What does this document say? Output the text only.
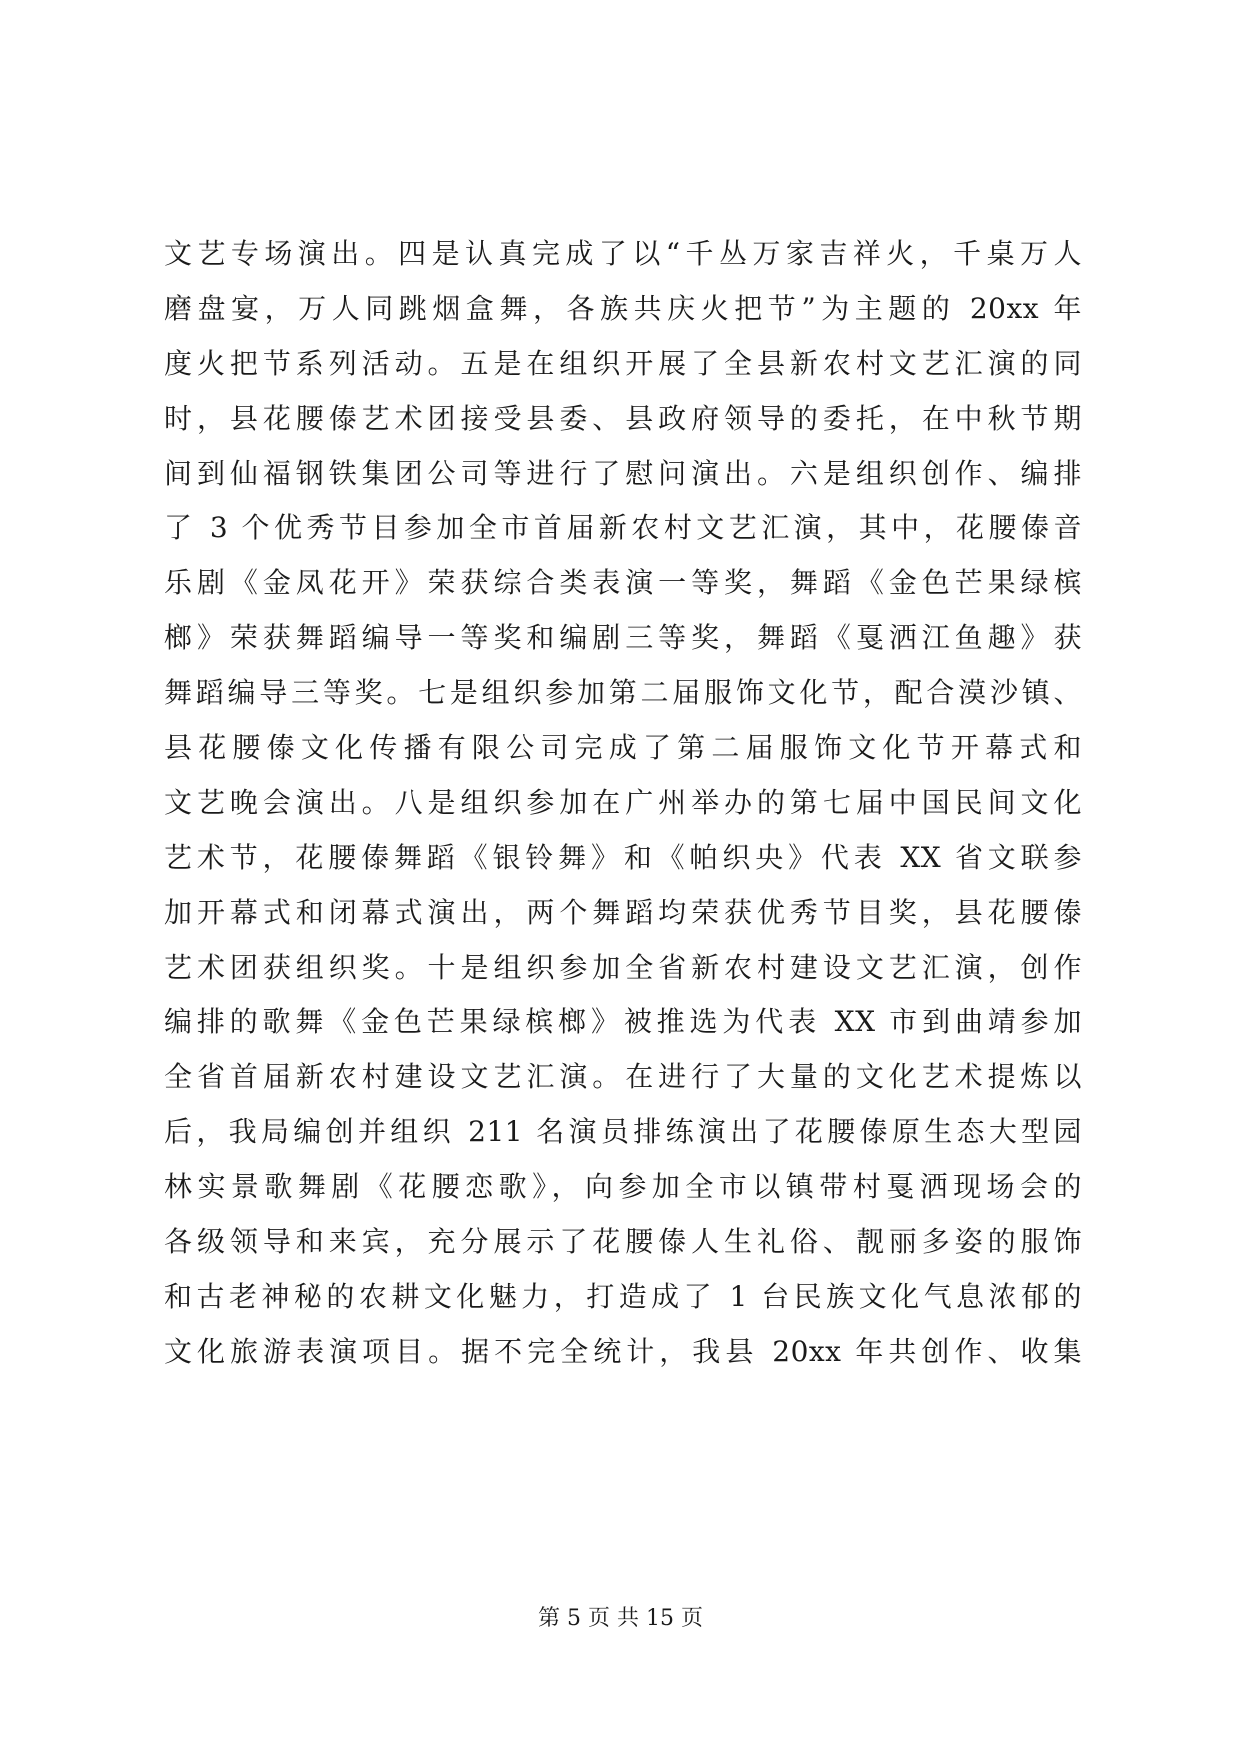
文艺专场演出。四是认真完成了以“千丛万家吉祥火，千桌万人
磨盘宴，万人同跳烟盒舞，各族共庆火把节”为主题的 20xx 年
度火把节系列活动。五是在组织开展了全县新农村文艺汇演的同
时，县花腰傣艺术团接受县委、县政府领导的委托，在中秋节期
间到仙福钢铁集团公司等进行了慰问演出。六是组织创作、编排
了 3 个优秀节目参加全市首届新农村文艺汇演，其中，花腰傣音
乐剧《金凤花开》荣获综合类表演一等奖，舞蹈《金色芒果绿槟
榔》荣获舞蹈编导一等奖和编剧三等奖，舞蹈《戛洒江鱼趣》获
舞蹈编导三等奖。七是组织参加第二届服饰文化节，配合漠沙镇、
县花腰傣文化传播有限公司完成了第二届服饰文化节开幕式和
文艺晚会演出。八是组织参加在广州举办的第七届中国民间文化
艺术节，花腰傣舞蹈《银铃舞》和《帕织央》代表 XX 省文联参
加开幕式和闭幕式演出，两个舞蹈均荣获优秀节目奖，县花腰傣
艺术团获组织奖。十是组织参加全省新农村建设文艺汇演，创作
编排的歌舞《金色芒果绿槟榔》被推选为代表 XX 市到曲靖参加
全省首届新农村建设文艺汇演。在进行了大量的文化艺术提炼以
后，我局编创并组织 211 名演员排练演出了花腰傣原生态大型园
林实景歌舞剧《花腰恋歌》，向参加全市以镇带村戛洒现场会的
各级领导和来宾，充分展示了花腰傣人生礼俗、靓丽多姿的服饰
和古老神秘的农耕文化魅力，打造成了 1 台民族文化气息浓郁的
文化旅游表演项目。据不完全统计，我县 20xx 年共创作、收集
第 5 页 共 15 页
